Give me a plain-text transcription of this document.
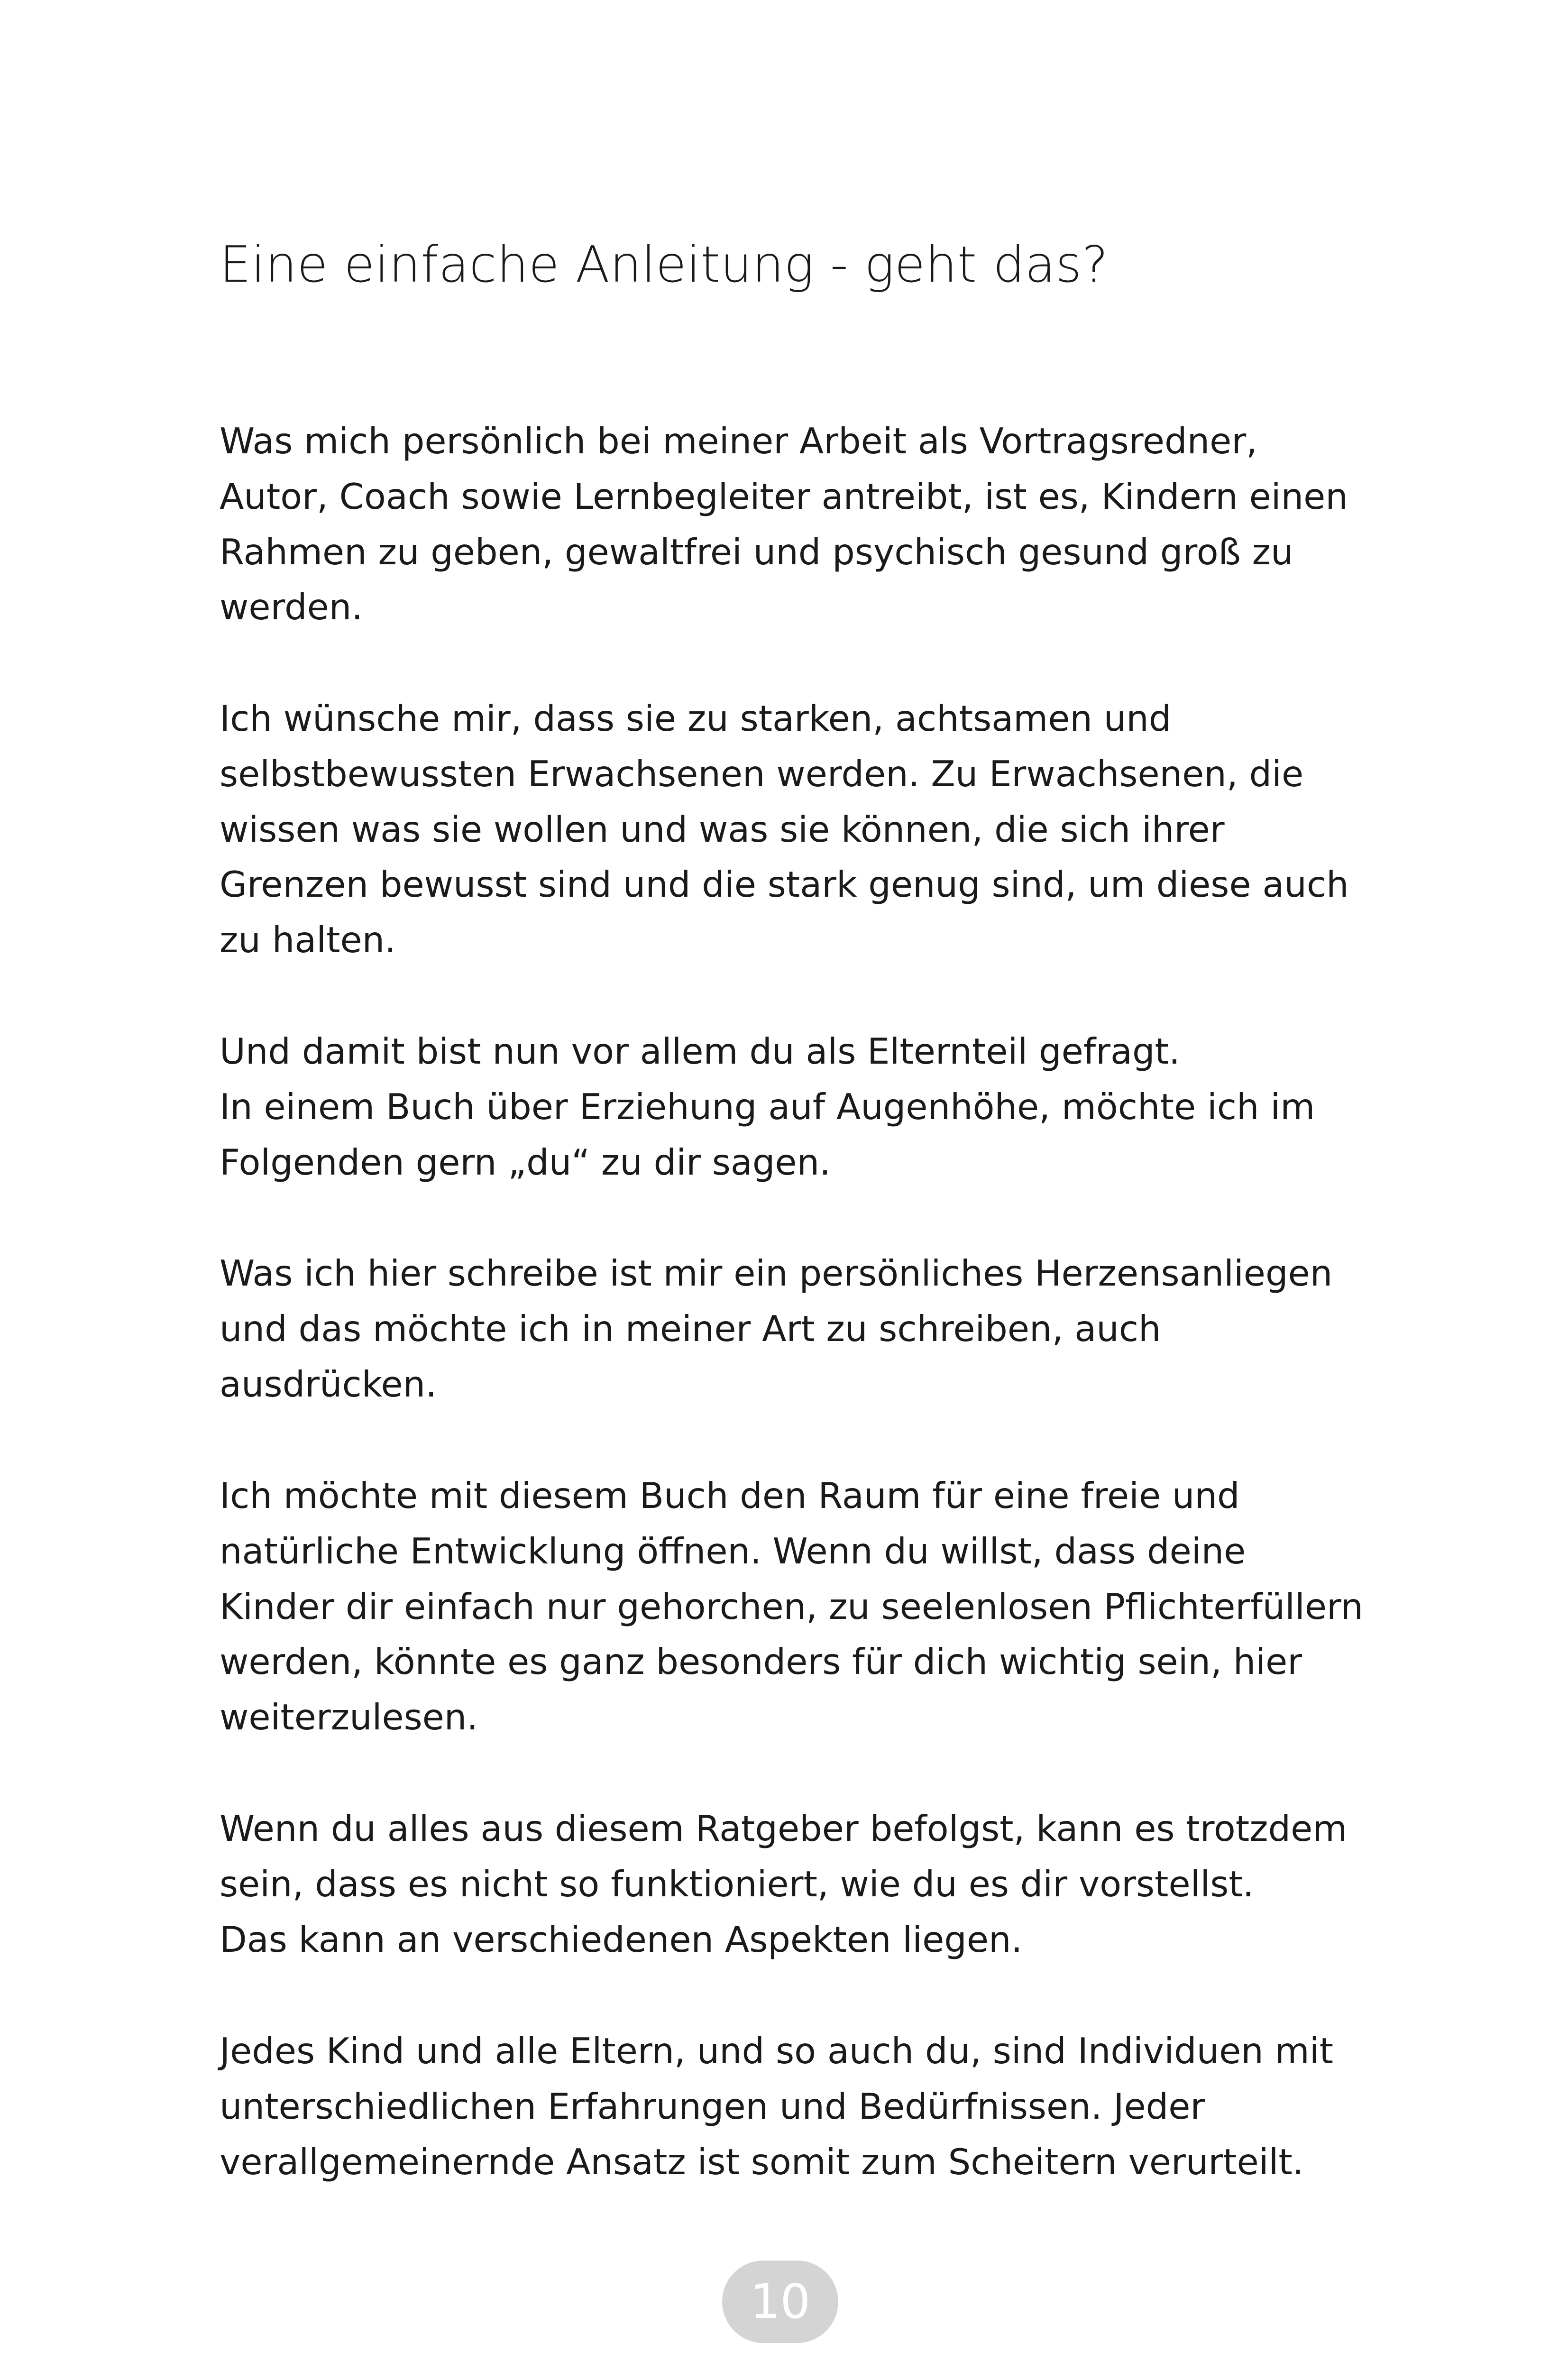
Eine einfache Anleitung - geht das?

Was mich persönlich bei meiner Arbeit als Vortragsredner,
Autor, Coach sowie Lernbegleiter antreibt, ist es, Kindern einen
Rahmen zu geben, gewaltfrei und psychisch gesund groß zu
werden.

Ich wünsche mir, dass sie zu starken, achtsamen und
selbstbewussten Erwachsenen werden. Zu Erwachsenen, die
wissen was sie wollen und was sie können, die sich ihrer
Grenzen bewusst sind und die stark genug sind, um diese auch
zu halten.

Und damit bist nun vor allem du als Elternteil gefragt.
In einem Buch über Erziehung auf Augenhöhe, möchte ich im
Folgenden gern „du“ zu dir sagen.

Was ich hier schreibe ist mir ein persönliches Herzensanliegen
und das möchte ich in meiner Art zu schreiben, auch
ausdrücken.

Ich möchte mit diesem Buch den Raum für eine freie und
natürliche Entwicklung öffnen. Wenn du willst, dass deine
Kinder dir einfach nur gehorchen, zu seelenlosen Pflichterfüllern
werden, könnte es ganz besonders für dich wichtig sein, hier
weiterzulesen.

Wenn du alles aus diesem Ratgeber befolgst, kann es trotzdem
sein, dass es nicht so funktioniert, wie du es dir vorstellst.
Das kann an verschiedenen Aspekten liegen.

Jedes Kind und alle Eltern, und so auch du, sind Individuen mit
unterschiedlichen Erfahrungen und Bedürfnissen. Jeder
verallgemeinernde Ansatz ist somit zum Scheitern verurteilt.

10
